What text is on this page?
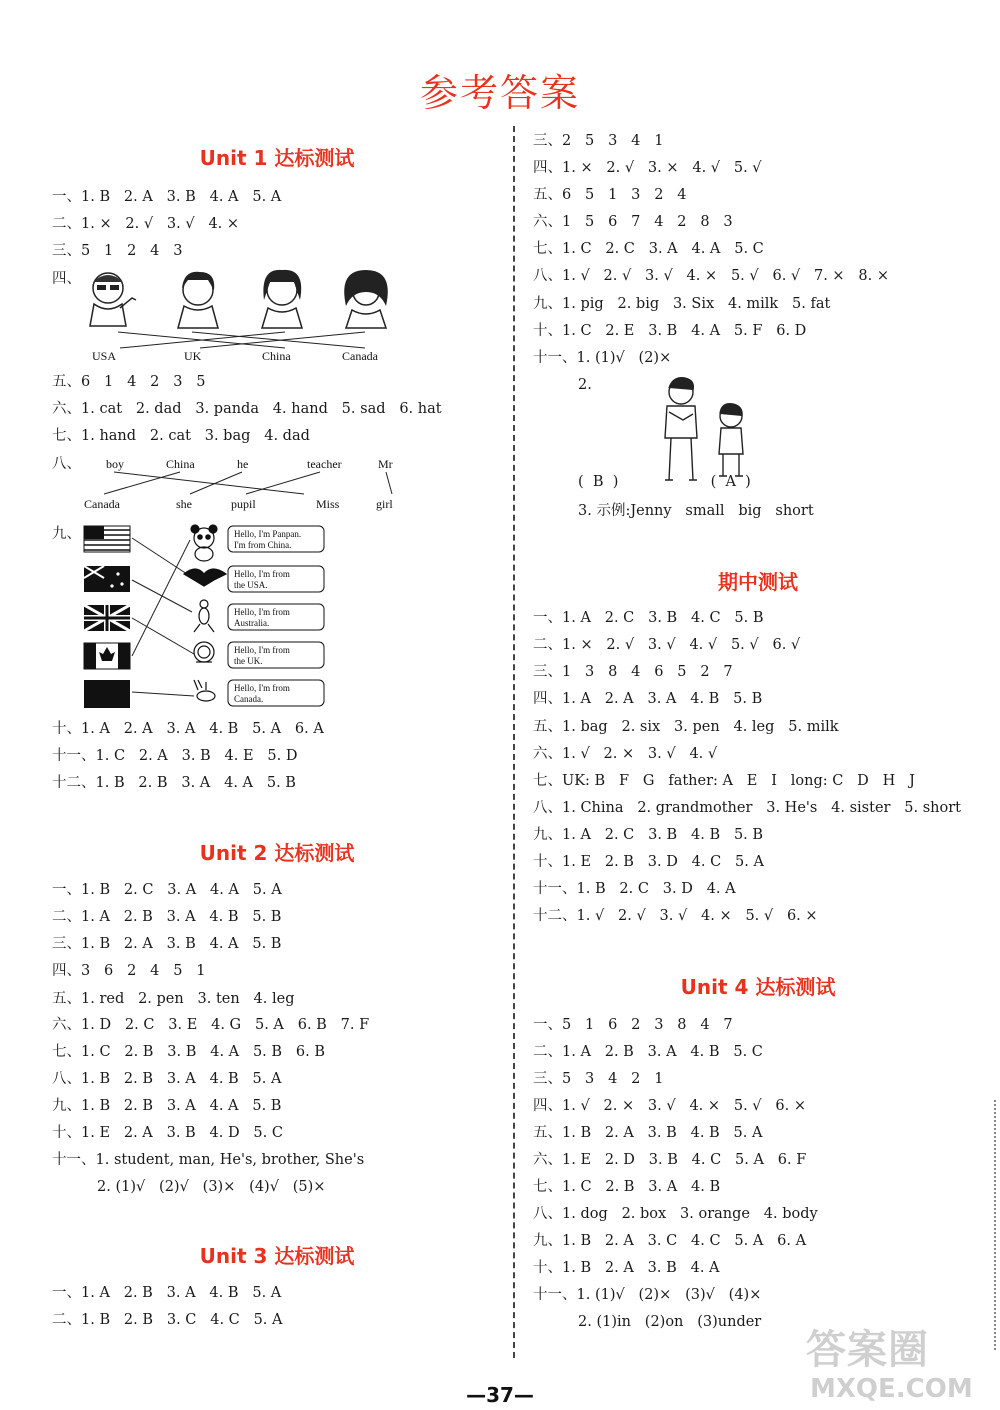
参考答案
Unit 1 达标测试
一、1. B   2. A   3. B   4. A   5. A
二、1. ×   2. √   3. √   4. ×
三、5   1   2   4   3
四、
USA	UK	China	Canada
五、6   1   4   2   3   5
六、1. cat   2. dad   3. panda   4. hand   5. sad   6. hat
七、1. hand   2. cat   3. bag   4. dad
八、 boy	China	he	teacher	Mr
Canada	she	pupil	Miss	girl
九、	Hello, I'm Panpan.
I'm from China.
Hello, I'm from
the USA.
Hello, I'm from
Australia.
Hello, I'm from
the UK.
Hello, I'm from
Canada.
十、1. A   2. A   3. A   4. B   5. A   6. A
十一、1. C   2. A   3. B   4. E   5. D
十二、1. B   2. B   3. A   4. A   5. B
Unit 2 达标测试
一、1. B   2. C   3. A   4. A   5. A
二、1. A   2. B   3. A   4. B   5. B
三、1. B   2. A   3. B   4. A   5. B
四、3   6   2   4   5   1
五、1. red   2. pen   3. ten   4. leg
六、1. D   2. C   3. E   4. G   5. A   6. B   7. F
七、1. C   2. B   3. B   4. A   5. B   6. B
八、1. B   2. B   3. A   4. B   5. A
九、1. B   2. B   3. A   4. A   5. B
十、1. E   2. A   3. B   4. D   5. C
十一、1. student, man, He's, brother, She's
2. (1)√   (2)√   (3)×   (4)√   (5)×
Unit 3 达标测试
一、1. A   2. B   3. A   4. B   5. A
二、1. B   2. B   3. C   4. C   5. A
三、2   5   3   4   1
四、1. ×   2. √   3. ×   4. √   5. √
五、6   5   1   3   2   4
六、1   5   6   7   4   2   8   3
七、1. C   2. C   3. A   4. A   5. C
八、1. √   2. √   3. √   4. ×   5. √   6. √   7. ×   8. ×
九、1. pig   2. big   3. Six   4. milk   5. fat
十、1. C   2. E   3. B   4. A   5. F   6. D
十一、1. (1)√   (2)×
2.
(  B  )                    (  A  )
3. 示例:Jenny   small   big   short
期中测试
一、1. A   2. C   3. B   4. C   5. B
二、1. ×   2. √   3. √   4. √   5. √   6. √
三、1   3   8   4   6   5   2   7
四、1. A   2. A   3. A   4. B   5. B
五、1. bag   2. six   3. pen   4. leg   5. milk
六、1. √   2. ×   3. √   4. √
七、UK: B   F   G   father: A   E   I   long: C   D   H   J
八、1. China   2. grandmother   3. He's   4. sister   5. short
九、1. A   2. C   3. B   4. B   5. B
十、1. E   2. B   3. D   4. C   5. A
十一、1. B   2. C   3. D   4. A
十二、1. √   2. √   3. √   4. ×   5. √   6. ×
Unit 4 达标测试
一、5   1   6   2   3   8   4   7
二、1. A   2. B   3. A   4. B   5. C
三、5   3   4   2   1
四、1. √   2. ×   3. √   4. ×   5. √   6. ×
五、1. B   2. A   3. B   4. B   5. A
六、1. E   2. D   3. B   4. C   5. A   6. F
七、1. C   2. B   3. A   4. B
八、1. dog   2. box   3. orange   4. body
九、1. B   2. A   3. C   4. C   5. A   6. A
十、1. B   2. A   3. B   4. A
十一、1. (1)√   (2)×   (3)√   (4)×
2. (1)in   (2)on   (3)under
—37—
答案圈
MXQE.COM
